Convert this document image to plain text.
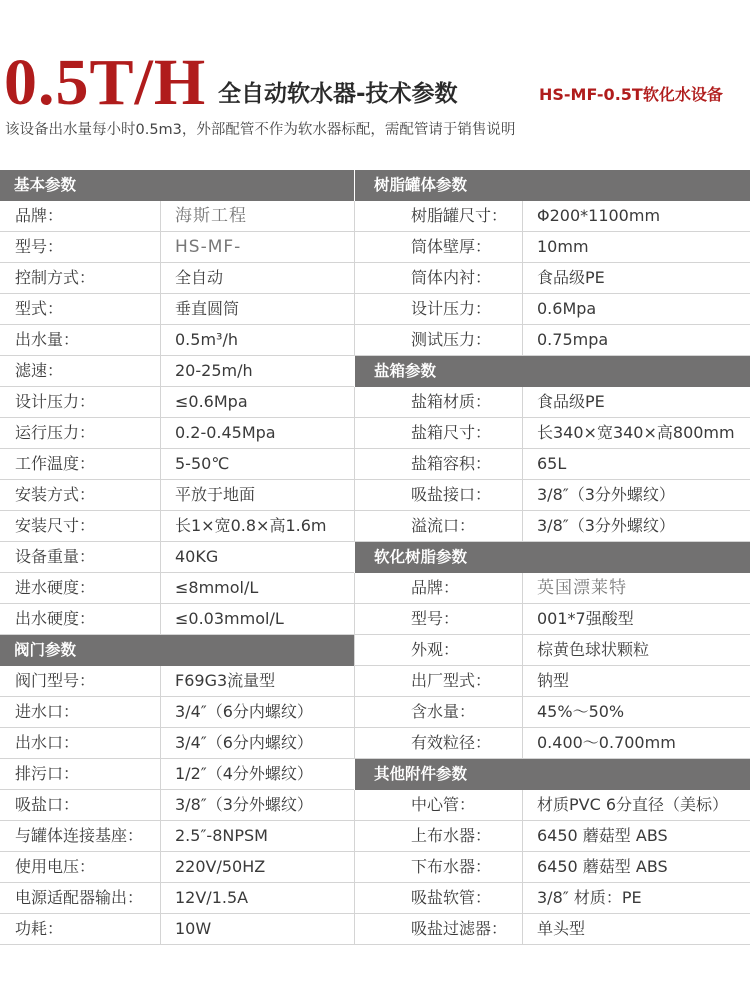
0.5T/H 全自动软水器-技术参数	HS-MF-0.5T软化水设备
该设备出水量每小时0.5m3，外部配管不作为软水器标配，需配管请于销售说明
基本参数
品牌：	海斯工程
型号：	HS-MF-
控制方式：	全自动
型式：	垂直圆筒
出水量：	0.5m³/h
滤速：	20-25m/h
设计压力：	≤0.6Mpa
运行压力：	0.2-0.45Mpa
工作温度：	5-50℃
安装方式：	平放于地面
安装尺寸：	长1×宽0.8×高1.6m
设备重量：	40KG
进水硬度：	≤8mmol/L
出水硬度：	≤0.03mmol/L
阀门参数
阀门型号：	F69G3流量型
进水口：	3/4″（6分内螺纹）
出水口：	3/4″（6分内螺纹）
排污口：	1/2″（4分外螺纹）
吸盐口：	3/8″（3分外螺纹）
与罐体连接基座：	2.5″-8NPSM
使用电压：	220V/50HZ
电源适配器输出：	12V/1.5A
功耗：	10W
树脂罐体参数
树脂罐尺寸：	Φ200*1100mm
筒体壁厚：	10mm
筒体内衬：	食品级PE
设计压力：	0.6Mpa
测试压力：	0.75mpa
盐箱参数
盐箱材质：	食品级PE
盐箱尺寸：	长340×宽340×高800mm
盐箱容积：	65L
吸盐接口：	3/8″（3分外螺纹）
溢流口：	3/8″（3分外螺纹）
软化树脂参数
品牌：	英国漂莱特
型号：	001*7强酸型
外观：	棕黄色球状颗粒
出厂型式：	钠型
含水量：	45%～50%
有效粒径：	0.400～0.700mm
其他附件参数
中心管：	材质PVC 6分直径（美标）
上布水器：	6450 蘑菇型 ABS
下布水器：	6450 蘑菇型 ABS
吸盐软管：	3/8″ 材质：PE
吸盐过滤器：	单头型
